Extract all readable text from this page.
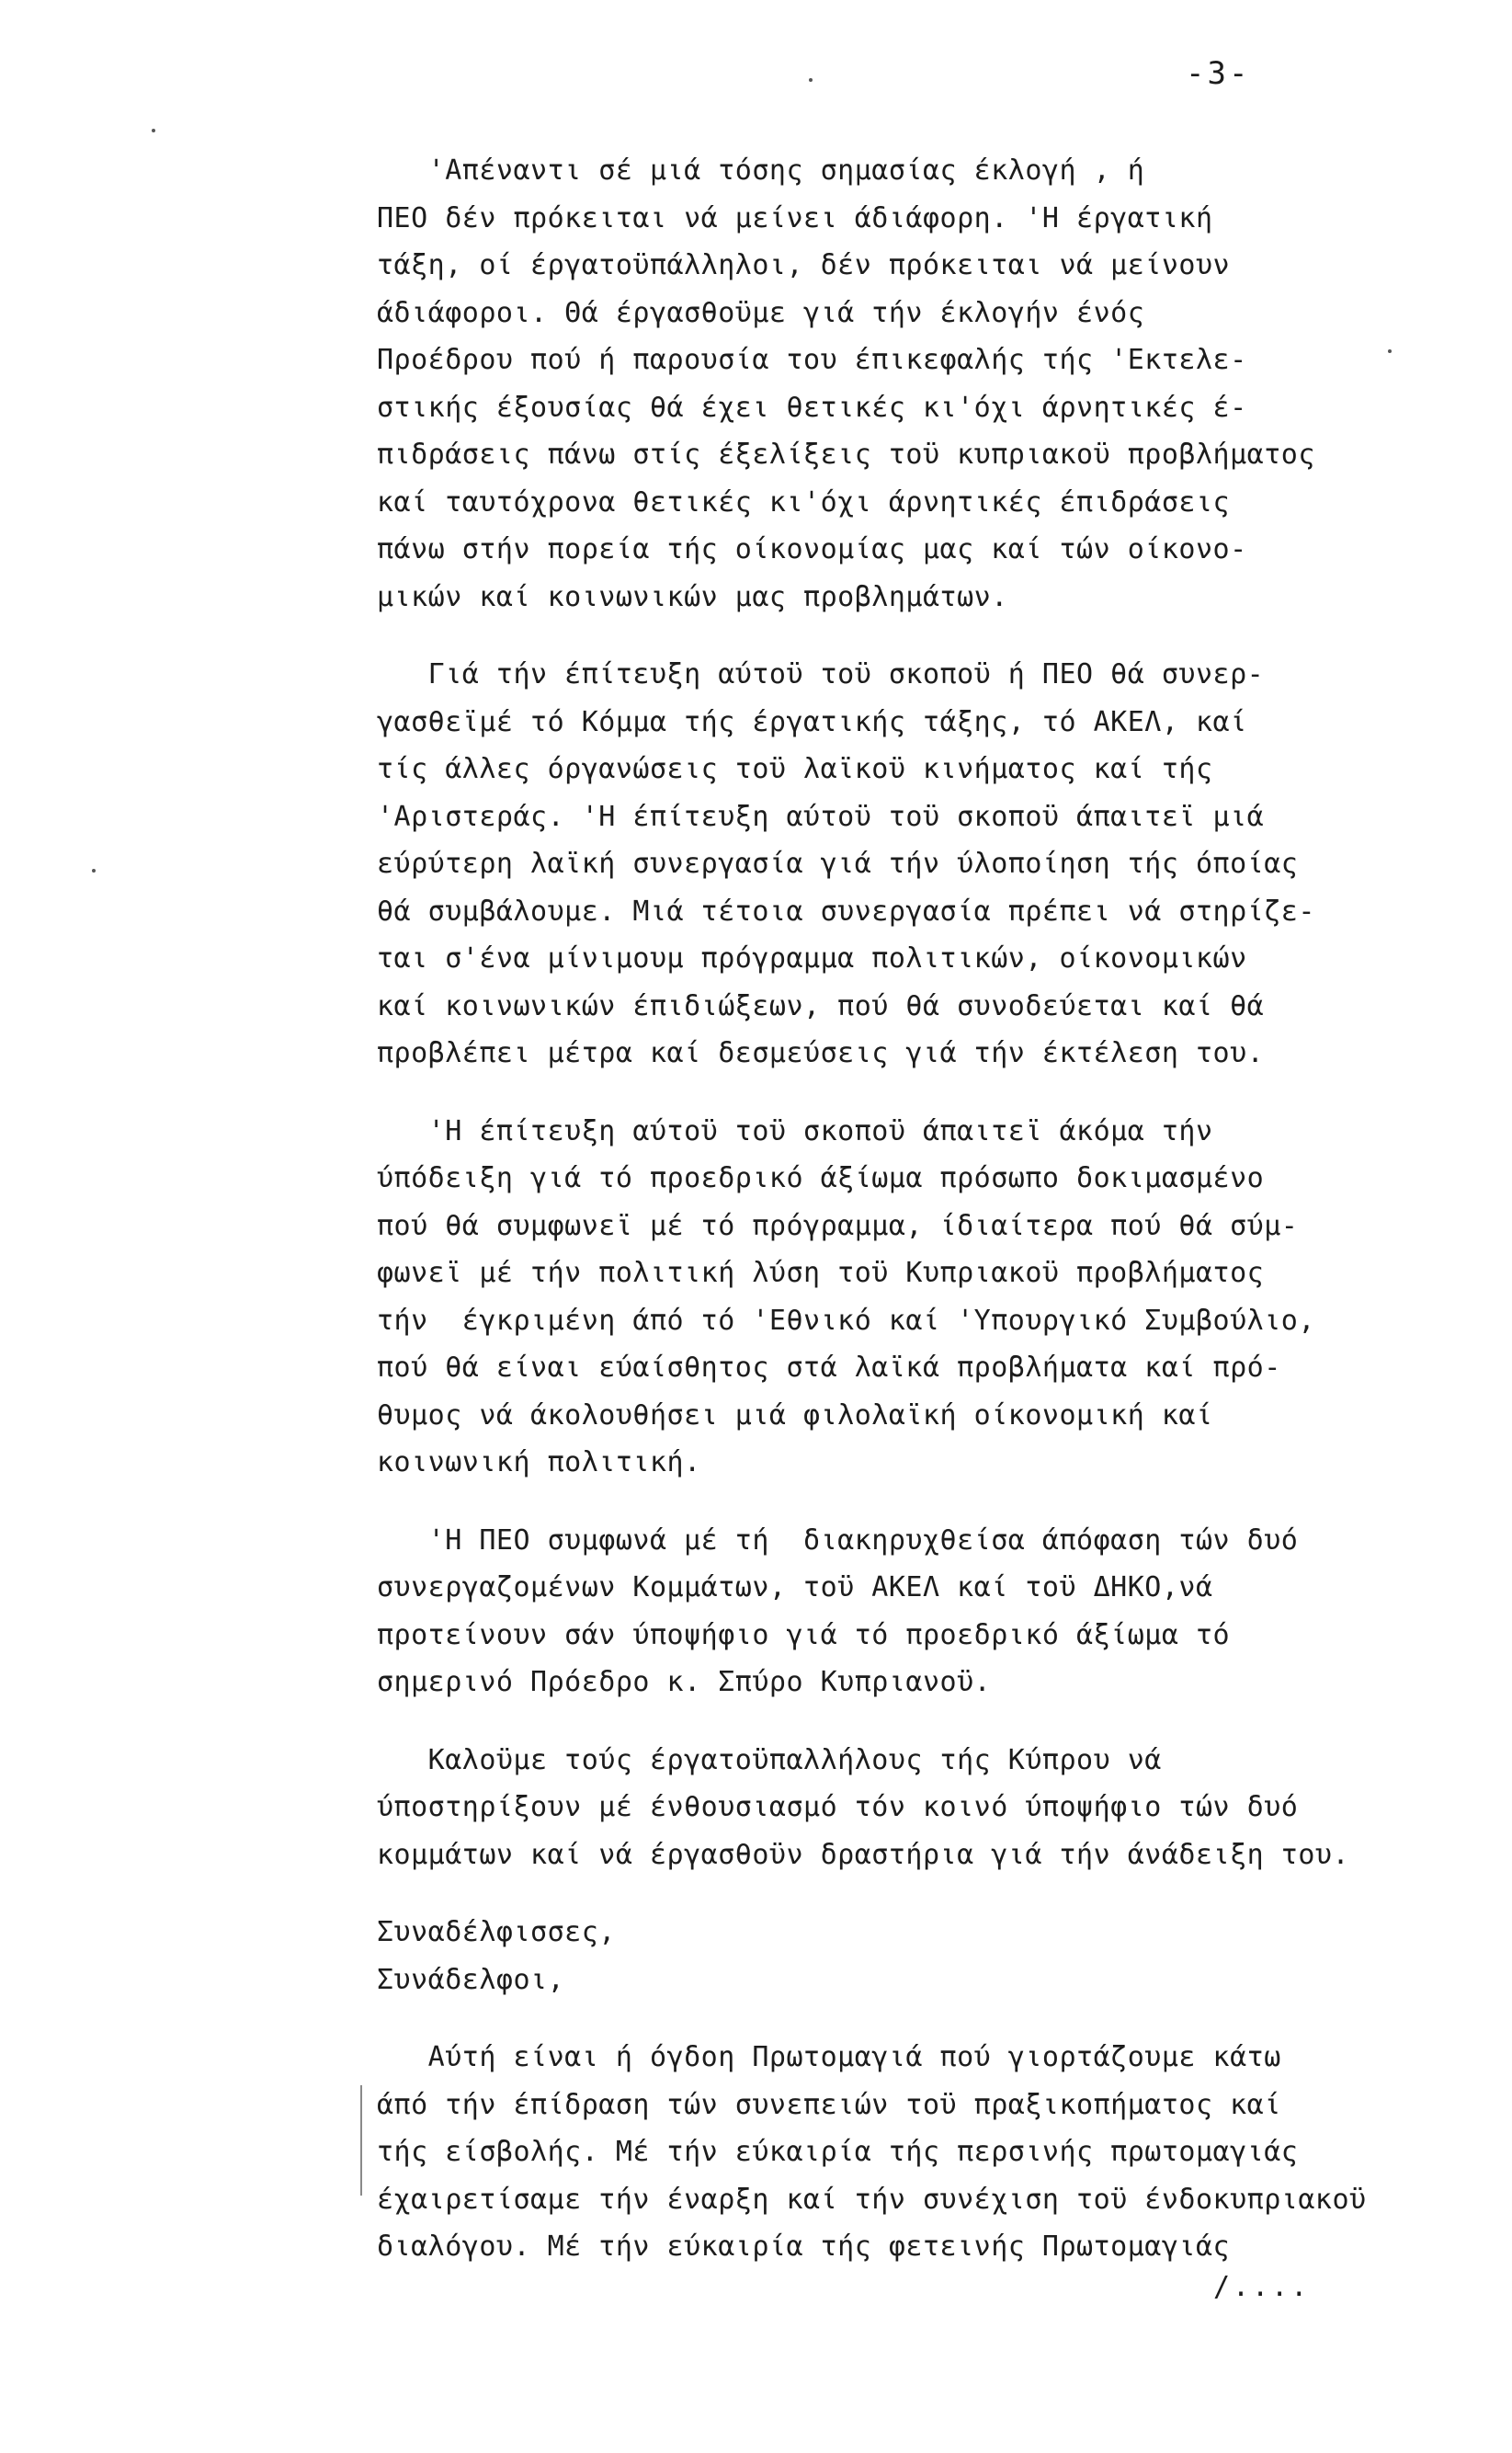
-3-
'Απέναντι σέ μιά τόσης σημασίας έκλογή , ή
ΠΕΟ δέν πρόκειται νά μείνει άδιάφορη. 'Η έργατική
τάξη, οί έργατοϋπάλληλοι, δέν πρόκειται νά μείνουν
άδιάφοροι. Θά έργασθοϋμε γιά τήν έκλογήν ένός
Προέδρου πού ή παρουσία του έπικεφαλής τής 'Εκτελε-
στικής έξουσίας θά έχει θετικές κι'όχι άρνητικές έ-
πιδράσεις πάνω στίς έξελίξεις τοϋ κυπριακοϋ προβλήματος
καί ταυτόχρονα θετικές κι'όχι άρνητικές έπιδράσεις
πάνω στήν πορεία τής οίκονομίας μας καί τών οίκονο-
μικών καί κοινωνικών μας προβλημάτων.
Γιά τήν έπίτευξη αύτοϋ τοϋ σκοποϋ ή ΠΕΟ θά συνερ-
γασθεϊμέ τό Κόμμα τής έργατικής τάξης, τό ΑΚΕΛ, καί
τίς άλλες όργανώσεις τοϋ λαϊκοϋ κινήματος καί τής
'Αριστεράς. 'Η έπίτευξη αύτοϋ τοϋ σκοποϋ άπαιτεϊ μιά
εύρύτερη λαϊκή συνεργασία γιά τήν ύλοποίηση τής όποίας
θά συμβάλουμε. Μιά τέτοια συνεργασία πρέπει νά στηρίζε-
ται σ'ένα μίνιμουμ πρόγραμμα πολιτικών, οίκονομικών
καί κοινωνικών έπιδιώξεων, πού θά συνοδεύεται καί θά
προβλέπει μέτρα καί δεσμεύσεις γιά τήν έκτέλεση του.
'Η έπίτευξη αύτοϋ τοϋ σκοποϋ άπαιτεϊ άκόμα τήν
ύπόδειξη γιά τό προεδρικό άξίωμα πρόσωπο δοκιμασμένο
πού θά συμφωνεϊ μέ τό πρόγραμμα, ίδιαίτερα πού θά σύμ-
φωνεϊ μέ τήν πολιτική λύση τοϋ Κυπριακοϋ προβλήματος
τήν  έγκριμένη άπό τό 'Εθνικό καί 'Υπουργικό Συμβούλιο,
πού θά είναι εύαίσθητος στά λαϊκά προβλήματα καί πρό-
θυμος νά άκολουθήσει μιά φιλολαϊκή οίκονομική καί
κοινωνική πολιτική.
'Η ΠΕΟ συμφωνά μέ τή  διακηρυχθείσα άπόφαση τών δυό
συνεργαζομένων Κομμάτων, τοϋ ΑΚΕΛ καί τοϋ ΔΗΚΟ,νά
προτείνουν σάν ύποψήφιο γιά τό προεδρικό άξίωμα τό
σημερινό Πρόεδρο κ. Σπύρο Κυπριανοϋ.
Καλοϋμε τούς έργατοϋπαλλήλους τής Κύπρου νά
ύποστηρίξουν μέ ένθουσιασμό τόν κοινό ύποψήφιο τών δυό
κομμάτων καί νά έργασθοϋν δραστήρια γιά τήν άνάδειξη του.
Συναδέλφισσες,
Συνάδελφοι,
Αύτή είναι ή όγδοη Πρωτομαγιά πού γιορτάζουμε κάτω
άπό τήν έπίδραση τών συνεπειών τοϋ πραξικοπήματος καί
τής είσβολής. Μέ τήν εύκαιρία τής περσινής πρωτομαγιάς
έχαιρετίσαμε τήν έναρξη καί τήν συνέχιση τοϋ ένδοκυπριακοϋ
διαλόγου. Μέ τήν εύκαιρία τής φετεινής Πρωτομαγιάς
/....
